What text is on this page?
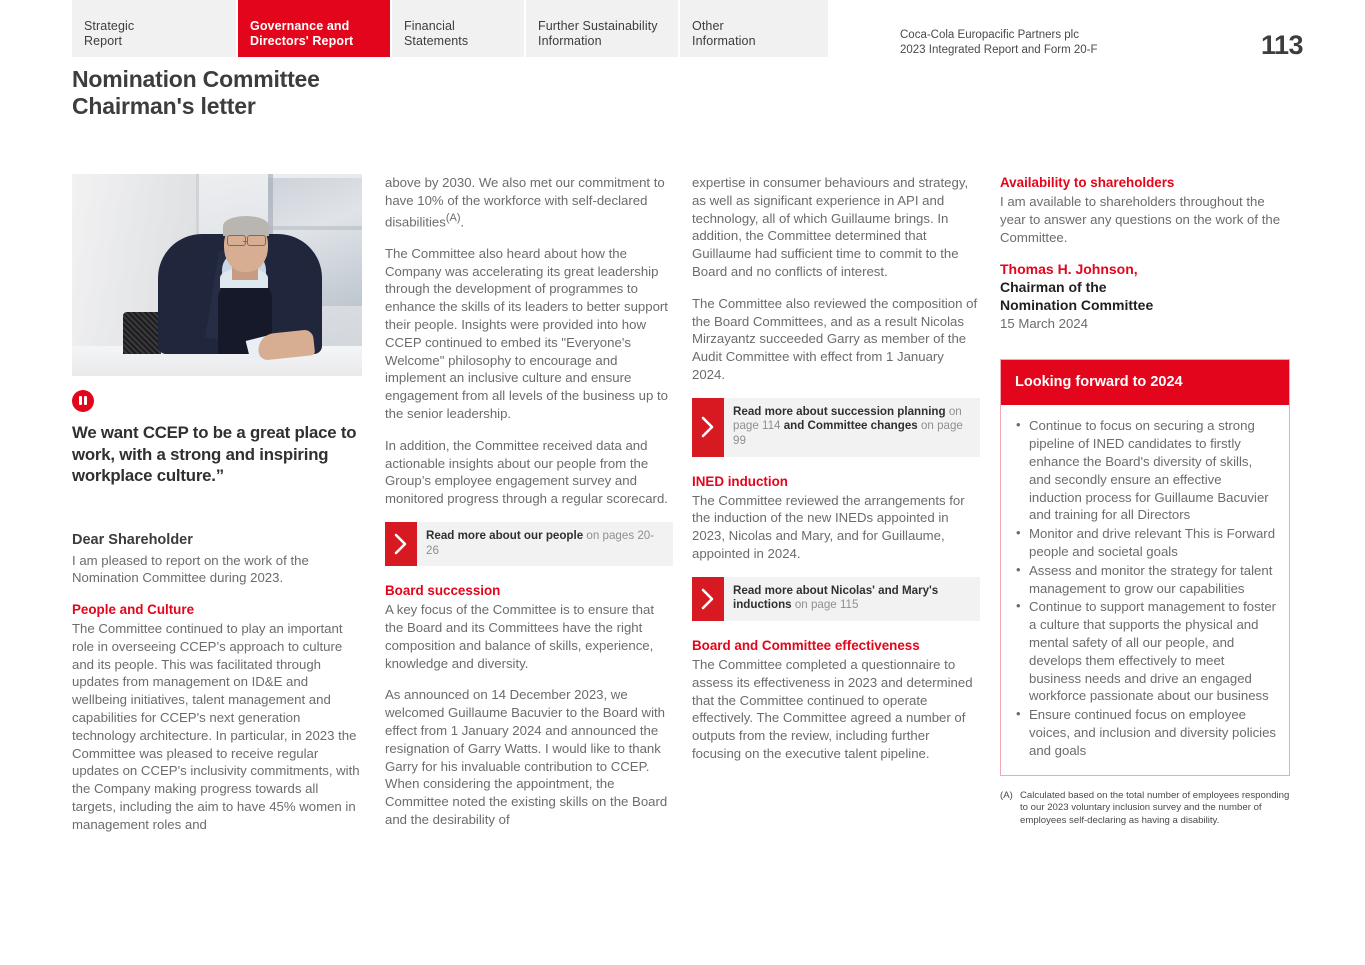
Strategic
Report
Governance and
Directors' Report
Financial
Statements
Further Sustainability
Information
Other
Information	Coca-Cola Europacific Partners plc
2023 Integrated Report and Form 20-F	113
Nomination Committee
Chairman's letter
We want CCEP to be a great place to work, with a strong and inspiring workplace culture.”
Dear Shareholder

I am pleased to report on the work of the Nomination Committee during 2023.

People and Culture

The Committee continued to play an important role in overseeing CCEP’s approach to culture and its people. This was facilitated through updates from management on ID&E and wellbeing initiatives, talent management and capabilities for CCEP's next generation technology architecture. In particular, in 2023 the Committee was pleased to receive regular updates on CCEP's inclusivity commitments, with the Company making progress towards all targets, including the aim to have 45% women in management roles and

above by 2030. We also met our commitment to have 10% of the workforce with self-declared disabilities$^{(A)}$.

The Committee also heard about how the Company was accelerating its great leadership through the development of programmes to enhance the skills of its leaders to better support their people. Insights were provided into how CCEP continued to embed its "Everyone's Welcome" philosophy to encourage and implement an inclusive culture and ensure engagement from all levels of the business up to the senior leadership.

In addition, the Committee received data and actionable insights about our people from the Group’s employee engagement survey and monitored progress through a regular scorecard.

Read more about our people on pages 20-26
Board succession

A key focus of the Committee is to ensure that the Board and its Committees have the right composition and balance of skills, experience, knowledge and diversity.

As announced on 14 December 2023, we welcomed Guillaume Bacuvier to the Board with effect from 1 January 2024 and announced the resignation of Garry Watts. I would like to thank Garry for his invaluable contribution to CCEP. When considering the appointment, the Committee noted the existing skills on the Board and the desirability of

expertise in consumer behaviours and strategy, as well as significant experience in API and technology, all of which Guillaume brings. In addition, the Committee determined that Guillaume had sufficient time to commit to the Board and no conflicts of interest.

The Committee also reviewed the composition of the Board Committees, and as a result Nicolas Mirzayantz succeeded Garry as member of the Audit Committee with effect from 1 January 2024.

Read more about succession planning on page 114 and Committee changes on page 99
INED induction

The Committee reviewed the arrangements for the induction of the new INEDs appointed in 2023, Nicolas and Mary, and for Guillaume, appointed in 2024.

Read more about Nicolas' and Mary's inductions on page 115
Board and Committee effectiveness

The Committee completed a questionnaire to assess its effectiveness in 2023 and determined that the Committee continued to operate effectively. The Committee agreed a number of outputs from the review, including further focusing on the executive talent pipeline.

Availability to shareholders

I am available to shareholders throughout the year to answer any questions on the work of the Committee.

Thomas H. Johnson,
Chairman of the
Nomination Committee
15 March 2024
Looking forward to 2024
• Continue to focus on securing a strong pipeline of INED candidates to firstly enhance the Board's diversity of skills, and secondly ensure an effective induction process for Guillaume Bacuvier and training for all Directors
• Monitor and drive relevant This is Forward people and societal goals
• Assess and monitor the strategy for talent management to grow our capabilities
• Continue to support management to foster a culture that supports the physical and mental safety of all our people, and develops them effectively to meet business needs and drive an engaged workforce passionate about our business
• Ensure continued focus on employee voices, and inclusion and diversity policies and goals
(A) Calculated based on the total number of employees responding to our 2023 voluntary inclusion survey and the number of employees self-declaring as having a disability.
